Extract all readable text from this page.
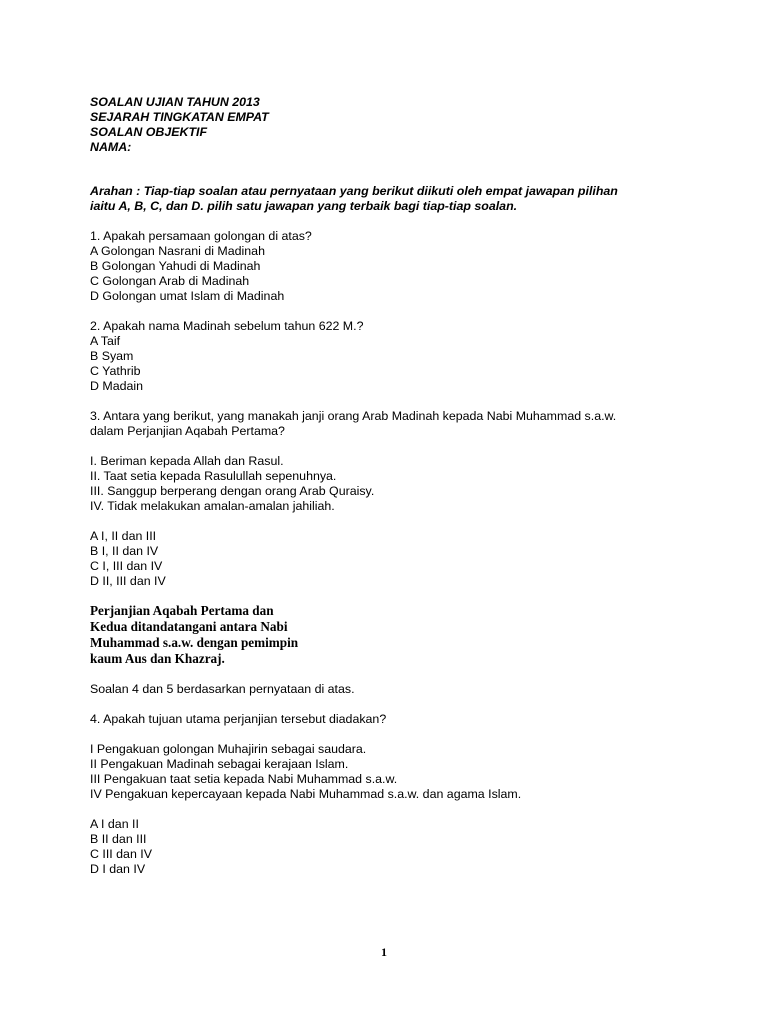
SOALAN UJIAN TAHUN 2013
SEJARAH TINGKATAN EMPAT
SOALAN OBJEKTIF
NAMA:
Arahan : Tiap-tiap soalan atau pernyataan yang berikut diikuti oleh empat jawapan pilihan
iaitu A, B, C, dan D. pilih satu jawapan yang terbaik bagi tiap-tiap soalan.
1. Apakah persamaan golongan di atas?
A Golongan Nasrani di Madinah
B Golongan Yahudi di Madinah
C Golongan Arab di Madinah
D Golongan umat Islam di Madinah
2. Apakah nama Madinah sebelum tahun 622 M.?
A Taif
B Syam
C Yathrib
D Madain
3. Antara yang berikut, yang manakah janji orang Arab Madinah kepada Nabi Muhammad s.a.w.
dalam Perjanjian Aqabah Pertama?
I. Beriman kepada Allah dan Rasul.
II. Taat setia kepada Rasulullah sepenuhnya.
III. Sanggup berperang dengan orang Arab Quraisy.
IV. Tidak melakukan amalan-amalan jahiliah.
A I, II dan III
B I, II dan IV
C I, III dan IV
D II, III dan IV
Perjanjian Aqabah Pertama dan
Kedua ditandatangani antara Nabi
Muhammad s.a.w. dengan pemimpin
kaum Aus dan Khazraj.
Soalan 4 dan 5 berdasarkan pernyataan di atas.
4. Apakah tujuan utama perjanjian tersebut diadakan?
I Pengakuan golongan Muhajirin sebagai saudara.
II Pengakuan Madinah sebagai kerajaan Islam.
III Pengakuan taat setia kepada Nabi Muhammad s.a.w.
IV Pengakuan kepercayaan kepada Nabi Muhammad s.a.w. dan agama Islam.
A I dan II
B II dan III
C III dan IV
D I dan IV
1
